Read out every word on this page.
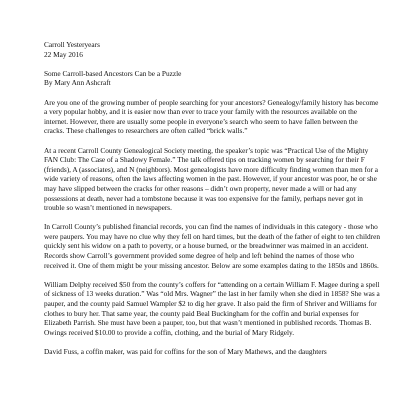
Carroll Yesteryears
22 May 2016
Some Carroll-based Ancestors Can be a Puzzle
By Mary Ann Ashcraft

Are you one of the growing number of people searching for your ancestors? Genealogy/family history has become a very popular hobby, and it is easier now than ever to trace your family with the resources available on the internet. However, there are usually some people in everyone’s search who seem to have fallen between the cracks. These challenges to researchers are often called “brick walls.”

At a recent Carroll County Genealogical Society meeting, the speaker’s topic was “Practical Use of the Mighty FAN Club: The Case of a Shadowy Female.” The talk offered tips on tracking women by searching for their F (friends), A (associates), and N (neighbors). Most genealogists have more difficulty finding women than men for a wide variety of reasons, often the laws affecting women in the past. However, if your ancestor was poor, he or she may have slipped between the cracks for other reasons – didn’t own property, never made a will or had any possessions at death, never had a tombstone because it was too expensive for the family, perhaps never got in trouble so wasn’t mentioned in newspapers.

In Carroll County’s published financial records, you can find the names of individuals in this category - those who were paupers. You may have no clue why they fell on hard times, but the death of the father of eight to ten children quickly sent his widow on a path to poverty, or a house burned, or the breadwinner was maimed in an accident. Records show Carroll’s government provided some degree of help and left behind the names of those who received it. One of them might be your missing ancestor. Below are some examples dating to the 1850s and 1860s.

William Delphy received $50 from the county’s coffers for “attending on a certain William F. Magee during a spell of sickness of 13 weeks duration.” Was “old Mrs. Wagner” the last in her family when she died in 1858? She was a pauper, and the county paid Samuel Wampler $2 to dig her grave. It also paid the firm of Shriver and Williams for clothes to bury her. That same year, the county paid Beal Buckingham for the coffin and burial expenses for Elizabeth Parrish. She must have been a pauper, too, but that wasn’t mentioned in published records. Thomas B. Owings received $10.00 to provide a coffin, clothing, and the burial of Mary Ridgely.

David Fuss, a coffin maker, was paid for coffins for the son of Mary Mathews, and the daughters
